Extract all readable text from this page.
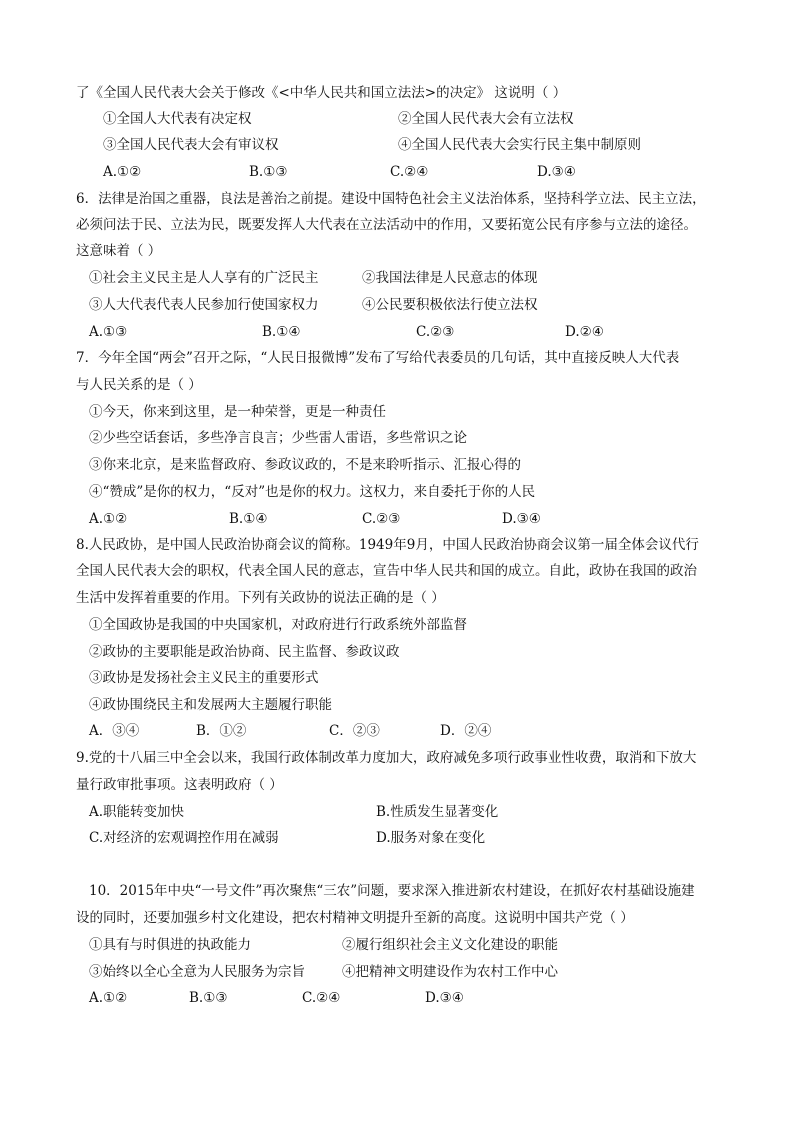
了《全国人民代表大会关于修改《<中华人民共和国立法法>的决定》 这说明（ ）
①全国人大代表有决定权	②全国人民代表大会有立法权
③全国人民代表大会有审议权	④全国人民代表大会实行民主集中制原则
A.①②	B.①③	C.②④	D.③④
6．法律是治国之重器，良法是善治之前提。建设中国特色社会主义法治体系，坚持科学立法、民主立法，
必须问法于民、立法为民，既要发挥人大代表在立法活动中的作用，又要拓宽公民有序参与立法的途径。
这意味着（ ）
①社会主义民主是人人享有的广泛民主	②我国法律是人民意志的体现
③人大代表代表人民参加行使国家权力	④公民要积极依法行使立法权
A.①③	B.①④	C.②③	D.②④
7．今年全国“两会”召开之际，“人民日报微博”发布了写给代表委员的几句话，其中直接反映人大代表
与人民关系的是（ ）
①今天，你来到这里，是一种荣誉，更是一种责任
②少些空话套话，多些净言良言；少些雷人雷语，多些常识之论
③你来北京，是来监督政府、参政议政的，不是来聆听指示、汇报心得的
④“赞成”是你的权力，“反对”也是你的权力。这权力，来自委托于你的人民
A.①②	B.①④	C.②③	D.③④
8.人民政协，是中国人民政治协商会议的简称。1949年9月，中国人民政治协商会议第一届全体会议代行
全国人民代表大会的职权，代表全国人民的意志，宣告中华人民共和国的成立。自此，政协在我国的政治
生活中发挥着重要的作用。下列有关政协的说法正确的是（ ）
①全国政协是我国的中央国家机，对政府进行行政系统外部监督
②政协的主要职能是政治协商、民主监督、参政议政
③政协是发扬社会主义民主的重要形式
④政协围绕民主和发展两大主题履行职能
A．③④	B．①②	C．②③	D．②④
9.党的十八届三中全会以来，我国行政体制改革力度加大，政府减免多项行政事业性收费，取消和下放大
量行政审批事项。这表明政府（ ）
A.职能转变加快	B.性质发生显著变化
C.对经济的宏观调控作用在减弱	D.服务对象在变化
10．2015年中央“一号文件”再次聚焦“三农”问题，要求深入推进新农村建设，在抓好农村基础设施建
设的同时，还要加强乡村文化建设，把农村精神文明提升至新的高度。这说明中国共产党（ ）
①具有与时俱进的执政能力	②履行组织社会主义文化建设的职能
③始终以全心全意为人民服务为宗旨	④把精神文明建设作为农村工作中心
A.①②	B.①③	C.②④	D.③④
